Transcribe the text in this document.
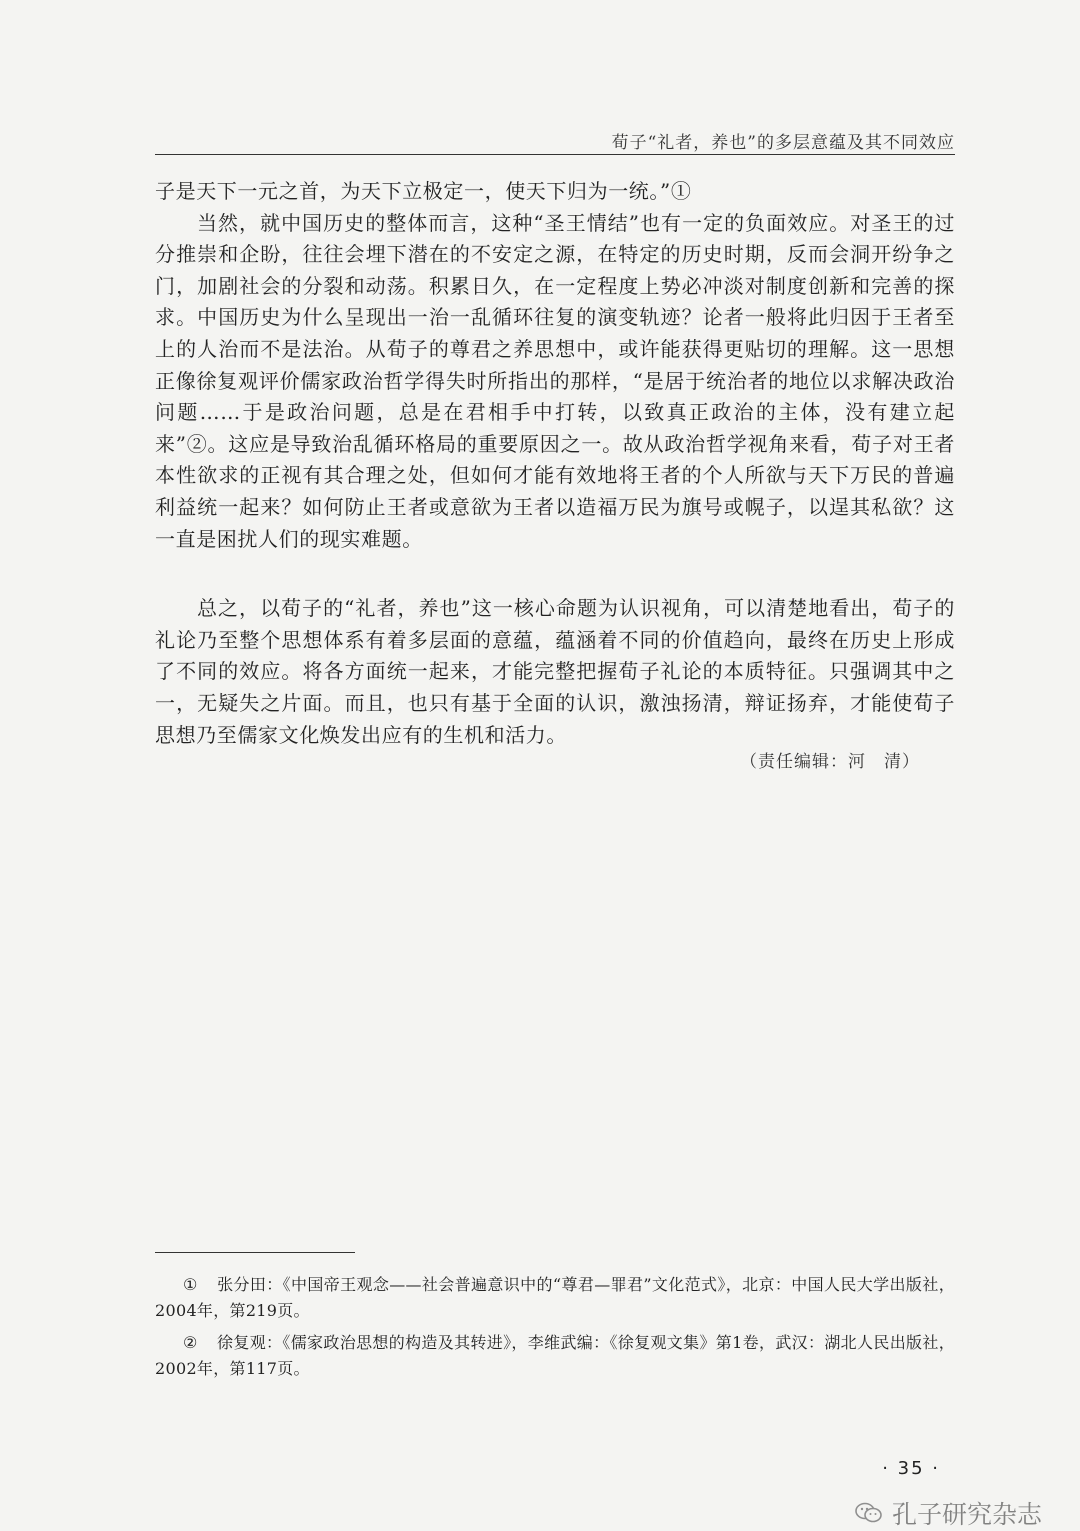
荀子“礼者，养也”的多层意蕴及其不同效应

子是天下一元之首，为天下立极定一，使天下归为一统。”①

当然，就中国历史的整体而言，这种“圣王情结”也有一定的负面效应。对圣王的过分推崇和企盼，往往会埋下潜在的不安定之源，在特定的历史时期，反而会洞开纷争之门，加剧社会的分裂和动荡。积累日久，在一定程度上势必冲淡对制度创新和完善的探求。中国历史为什么呈现出一治一乱循环往复的演变轨迹？论者一般将此归因于王者至上的人治而不是法治。从荀子的尊君之养思想中，或许能获得更贴切的理解。这一思想正像徐复观评价儒家政治哲学得失时所指出的那样，“是居于统治者的地位以求解决政治问题……于是政治问题，总是在君相手中打转，以致真正政治的主体，没有建立起来”②。这应是导致治乱循环格局的重要原因之一。故从政治哲学视角来看，荀子对王者本性欲求的正视有其合理之处，但如何才能有效地将王者的个人所欲与天下万民的普遍利益统一起来？如何防止王者或意欲为王者以造福万民为旗号或幌子，以逞其私欲？这一直是困扰人们的现实难题。

总之，以荀子的“礼者，养也”这一核心命题为认识视角，可以清楚地看出，荀子的礼论乃至整个思想体系有着多层面的意蕴，蕴涵着不同的价值趋向，最终在历史上形成了不同的效应。将各方面统一起来，才能完整把握荀子礼论的本质特征。只强调其中之一，无疑失之片面。而且，也只有基于全面的认识，激浊扬清，辩证扬弃，才能使荀子思想乃至儒家文化焕发出应有的生机和活力。

（责任编辑：河　清）

① 张分田：《中国帝王观念——社会普遍意识中的“尊君—罪君”文化范式》，北京：中国人民大学出版社，2004年，第219页。

② 徐复观：《儒家政治思想的构造及其转进》，李维武编：《徐复观文集》第1卷，武汉：湖北人民出版社，2002年，第117页。

· 35 ·
孔子研究杂志
